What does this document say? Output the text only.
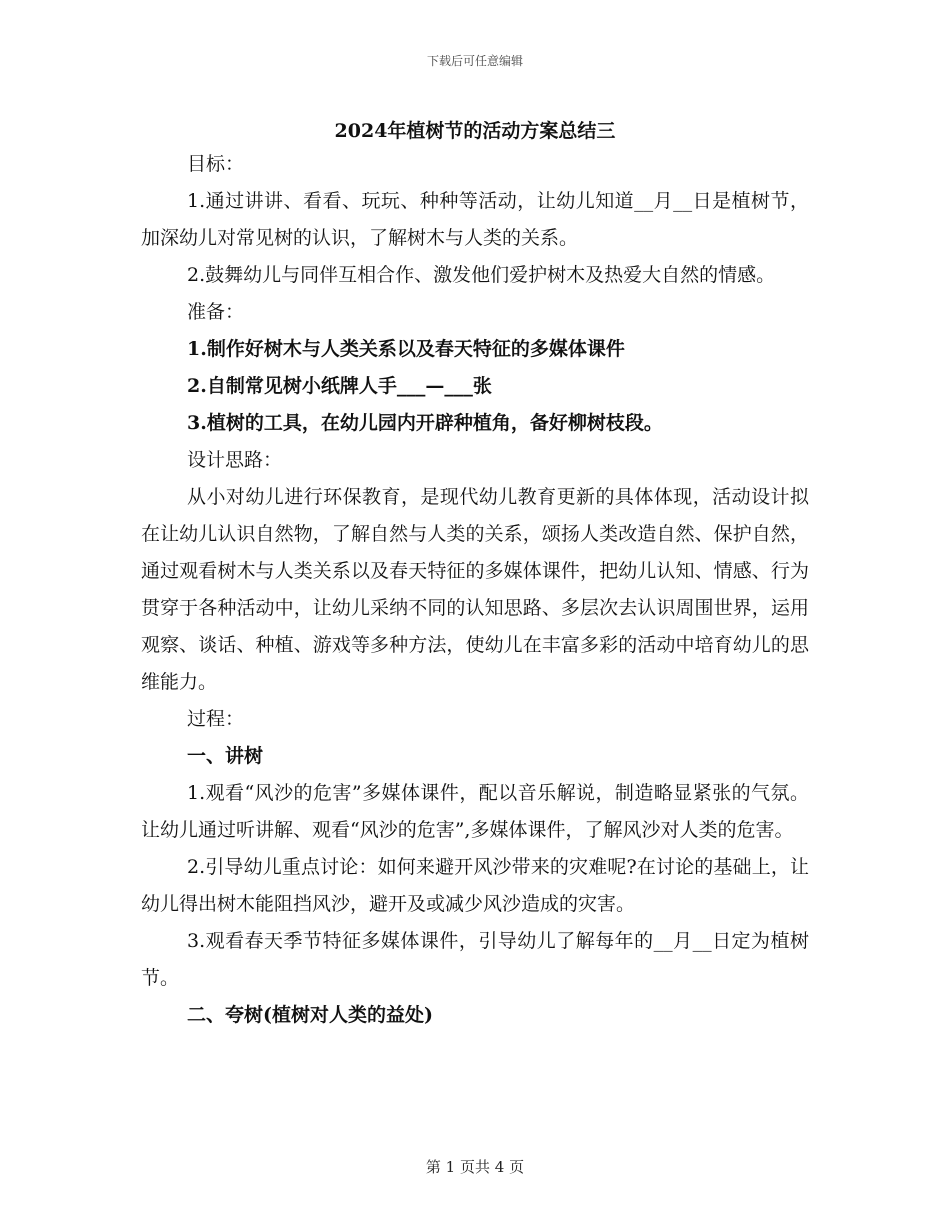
下载后可任意编辑
2024年植树节的活动方案总结三

目标：

1.通过讲讲、看看、玩玩、种种等活动，让幼儿知道__月__日是植树节，加深幼儿对常见树的认识，了解树木与人类的关系。

2.鼓舞幼儿与同伴互相合作、激发他们爱护树木及热爱大自然的情感。

准备：

1.制作好树木与人类关系以及春天特征的多媒体课件

2.自制常见树小纸牌人手___—___张

3.植树的工具，在幼儿园内开辟种植角，备好柳树枝段。

设计思路：

从小对幼儿进行环保教育，是现代幼儿教育更新的具体体现，活动设计拟在让幼儿认识自然物，了解自然与人类的关系，颂扬人类改造自然、保护自然，通过观看树木与人类关系以及春天特征的多媒体课件，把幼儿认知、情感、行为贯穿于各种活动中，让幼儿采纳不同的认知思路、多层次去认识周围世界，运用观察、谈话、种植、游戏等多种方法，使幼儿在丰富多彩的活动中培育幼儿的思维能力。

过程：

一、讲树

1.观看“风沙的危害”多媒体课件，配以音乐解说，制造略显紧张的气氛。让幼儿通过听讲解、观看“风沙的危害”,多媒体课件，了解风沙对人类的危害。

2.引导幼儿重点讨论：如何来避开风沙带来的灾难呢?在讨论的基础上，让幼儿得出树木能阻挡风沙，避开及或减少风沙造成的灾害。

3.观看春天季节特征多媒体课件，引导幼儿了解每年的__月__日定为植树节。

二、夸树(植树对人类的益处)

第 1 页共 4 页
